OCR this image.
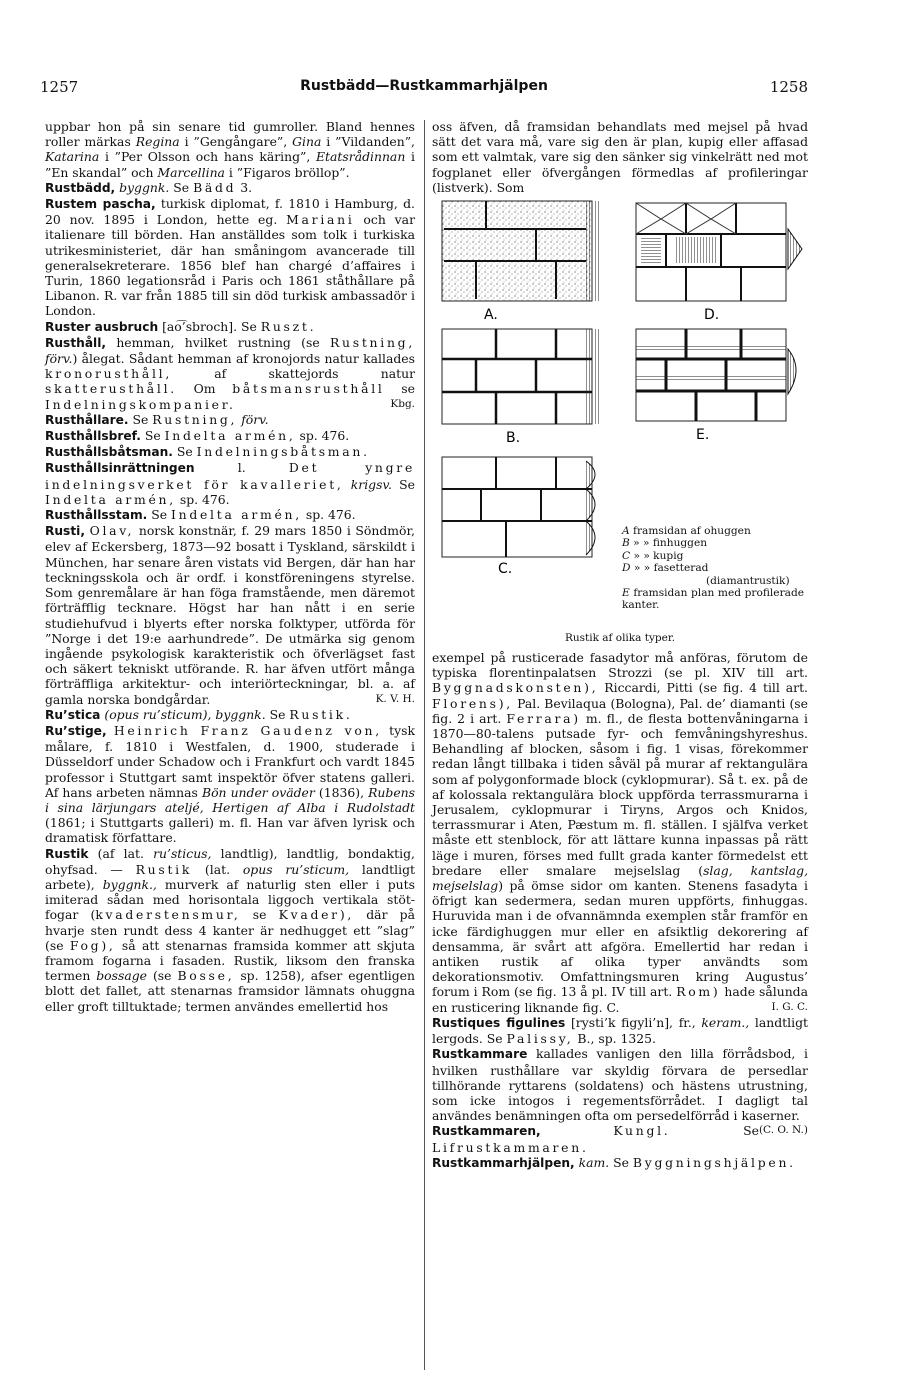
1257	Rustbädd—Rustkammarhjälpen	1258

uppbar hon på sin senare tid gumroller. Bland hennes roller märkas Regina i ”Gengångare”, Gina i ”Vildanden”, Katarina i ”Per Olsson och hans käring”, Etatsrådinnan i ”En skandal” och Marcellina i ”Figaros bröllop”.

Rustbädd, byggnk. Se Bädd 3.

Rustem pascha, turkisk diplomat, f. 1810 i Hamburg, d. 20 nov. 1895 i London, hette eg. Mariani och var italienare till börden. Han anställdes som tolk i turkiska utrikesministeriet, där han småningom avancerade till generalsekreterare. 1856 blef han chargé d’affaires i Turin, 1860 legationsråd i Paris och 1861 ståthållare på Libanon. R. var från 1885 till sin död turkisk ambassadör i London.

Ruster ausbruch [ao͡’sbroch]. Se Ruszt.

Rusthåll, hemman, hvilket rustning (se Rustning, förv.) ålegat. Sådant hemman af kronojords natur kallades kronorusthåll, af skattejords natur skatterusthåll. Om båtsmansrusthåll se Indelningskompanier.	Kbg.

Rusthållare. Se Rustning, förv.

Rusthållsbref. Se Indelta armén, sp. 476.

Rusthållsbåtsman. Se Indelningsbåtsman.

Rusthållsinrättningen l. Det yngre indelningsverket för kavalleriet, krigsv. Se Indelta armén, sp. 476.

Rusthållsstam. Se Indelta armén, sp. 476.

Rusti, Olav, norsk konstnär, f. 29 mars 1850 i Söndmör, elev af Eckersberg, 1873—92 bosatt i Tyskland, särskildt i München, har senare åren vistats vid Bergen, där han har teckningsskola och är ordf. i konstföreningens styrelse. Som genremålare är han föga framstående, men däremot förträfflig tecknare. Högst har han nått i en serie studiehufvud i blyerts efter norska folktyper, utförda för ”Norge i det 19:e aarhundrede”. De utmärka sig genom ingående psykologisk karakteristik och öfverlägset fast och säkert tekniskt utförande. R. har äfven utfört många förträffliga arkitektur- och interiörteckningar, bl. a. af gamla norska bondgårdar.	K. V. H.

Ru’stica (opus ru’sticum), byggnk. Se Rustik.

Ru’stige, Heinrich Franz Gaudenz von, tysk målare, f. 1810 i Westfalen, d. 1900, studerade i Düsseldorf under Schadow och i Frankfurt och vardt 1845 professor i Stuttgart samt inspektör öfver statens galleri. Af hans arbeten nämnas Bön under oväder (1836), Rubens i sina lärjungars ateljé, Hertigen af Alba i Rudolstadt (1861; i Stuttgarts galleri) m. fl. Han var äfven lyrisk och dramatisk författare.

Rustik (af lat. ru’sticus, landtlig), landtlig, bondaktig, ohyfsad. — Rustik (lat. opus ru’sticum, landtligt arbete), byggnk., murverk af naturlig sten eller i puts imiterad sådan med horisontala liggoch vertikala stöt-fogar (kvaderstensmur, se Kvader), där på hvarje sten rundt dess 4 kanter är nedhugget ett ”slag” (se Fog), så att stenarnas framsida kommer att skjuta framom fogarna i fasaden. Rustik, liksom den franska termen bossage (se Bosse, sp. 1258), afser egentligen blott det fallet, att stenarnas framsidor lämnats ohuggna eller groft tilltuktade; termen användes emellertid hos

oss äfven, då framsidan behandlats med mejsel på hvad sätt det vara må, vare sig den är plan, kupig eller affasad som ett valmtak, vare sig den sänker sig vinkelrätt ned mot fogplanet eller öfvergången förmedlas af profileringar (listverk). Som

A.	D.
B.	E.
C.
A framsidan af ohuggen
B » » finhuggen
C » » kupig
D » » fasetterad
(diamantrustik)
E framsidan plan med profilerade kanter.
Rustik af olika typer.

exempel på rusticerade fasadytor må anföras, förutom de typiska florentinpalatsen Strozzi (se pl. XIV till art. Byggnadskonsten), Riccardi, Pitti (se fig. 4 till art. Florens), Pal. Bevilaqua (Bologna), Pal. de’ diamanti (se fig. 2 i art. Ferrara) m. fl., de flesta bottenvåningarna i 1870—80-talens putsade fyr- och femvåningshyreshus. Behandling af blocken, såsom i fig. 1 visas, förekommer redan långt tillbaka i tiden såväl på murar af rektangulära som af polygonformade block (cyklopmurar). Så t. ex. på de af kolossala rektangulära block uppförda terrassmurarna i Jerusalem, cyklopmurar i Tiryns, Argos och Knidos, terrassmurar i Aten, Pæstum m. fl. ställen. I själfva verket måste ett stenblock, för att lättare kunna inpassas på rätt läge i muren, förses med fullt grada kanter förmedelst ett bredare eller smalare mejselslag (slag, kantslag, mejselslag) på ömse sidor om kanten. Stenens fasadyta i öfrigt kan sedermera, sedan muren uppförts, finhuggas. Huruvida man i de ofvannämnda exemplen står framför en icke färdighuggen mur eller en afsiktlig dekorering af densamma, är svårt att afgöra. Emellertid har redan i antiken rustik af olika typer användts som dekorationsmotiv. Omfattningsmuren kring Augustus’ forum i Rom (se fig. 13 å pl. IV till art. Rom) hade sålunda en rusticering liknande fig. C.	I. G. C.

Rustiques figulines [rysti’k figyli’n], fr., keram., landtligt lergods. Se Palissy, B., sp. 1325.

Rustkammare kallades vanligen den lilla förrådsbod, i hvilken rusthållare var skyldig förvara de persedlar tillhörande ryttarens (soldatens) och hästens utrustning, som icke intogos i regementsförrådet. I dagligt tal användes benämningen ofta om persedelförråd i kaserner.
(C. O. N.)

Rustkammaren,	Kungl. Se Lifrustkammaren.

Rustkammarhjälpen, kam. Se Byggningshjälpen.
